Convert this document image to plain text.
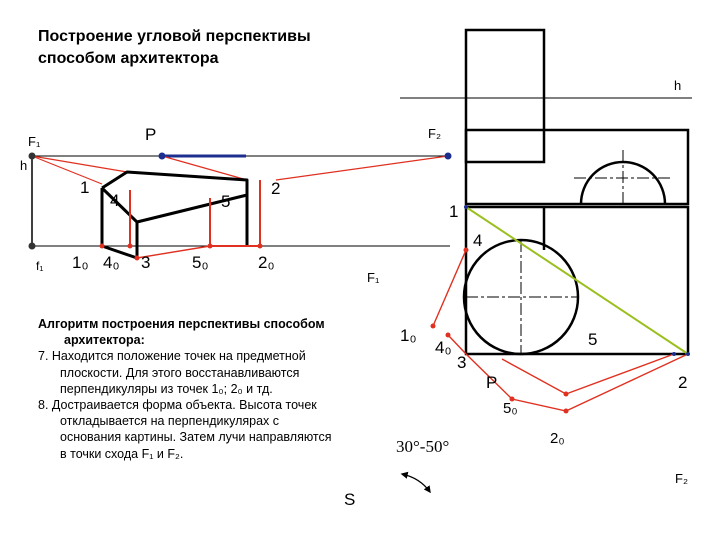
Построение угловой перспективы
способом архитектора
h
P
F₁
F₂
h
1
4	5
2
f₁ 1₀ 4₀ 3 5₀	2₀
1
4
F₁
1₀
4₀
3
5
P	2
5₀
2₀
30°-50°
S
F₂
Алгоритм построения перспективы способом архитектора:
7. Находится положение точек на предметной плоскости. Для этого восстанавливаются перпендикуляры из точек 1₀; 2₀ и тд.
8. Достраивается форма объекта. Высота точек откладывается на перпендикулярах с основания картины. Затем лучи направляются в точки схода F₁ и F₂.
